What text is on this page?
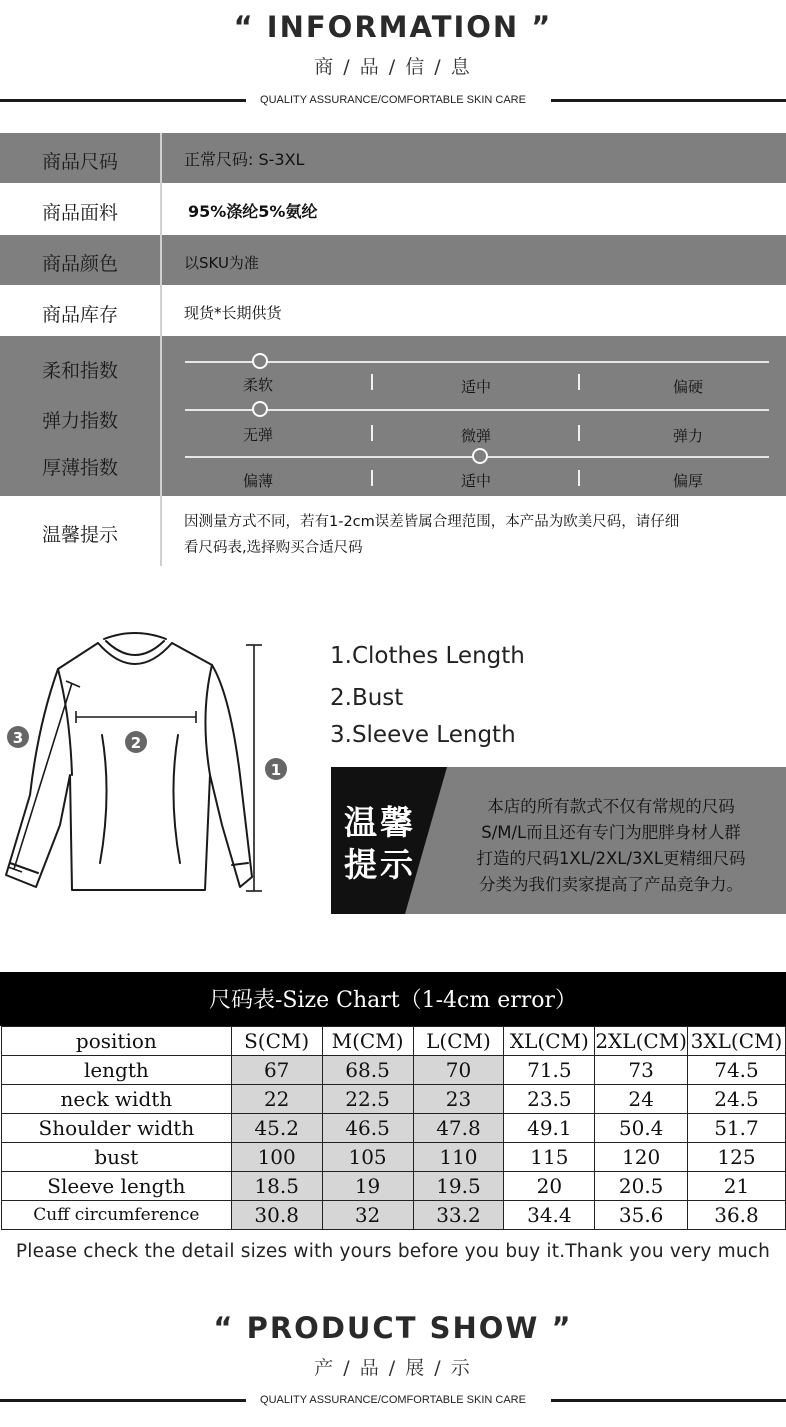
“ INFORMATION ”
商 / 品 / 信 / 息
QUALITY ASSURANCE/COMFORTABLE SKIN CARE
商品尺码	正常尺码: S-3XL
商品面料	95%涤纶5%氨纶
商品颜色	以SKU为准
商品库存	现货*长期供货
柔和指数
弹力指数
厚薄指数
柔软	适中	偏硬
无弹	微弹	弹力
偏薄	适中	偏厚
温馨提示
因测量方式不同，若有1-2cm误差皆属合理范围，本产品为欧美尺码，请仔细
看尺码表,选择购买合适尺码
1
2
3
1.Clothes Length
2.Bust
3.Sleeve Length
温馨
提示
本店的所有款式不仅有常规的尺码
S/M/L而且还有专门为肥胖身材人群
打造的尺码1XL/2XL/3XL更精细尺码
分类为我们卖家提高了产品竞争力。
尺码表-Size Chart（1-4cm error）
position	S(CM)	M(CM)	L(CM)	XL(CM)	2XL(CM)	3XL(CM)
length	67	68.5	70	71.5	73	74.5
neck width	22	22.5	23	23.5	24	24.5
Shoulder width	45.2	46.5	47.8	49.1	50.4	51.7
bust	100	105	110	115	120	125
Sleeve length	18.5	19	19.5	20	20.5	21
Cuff circumference	30.8	32	33.2	34.4	35.6	36.8
Please check the detail sizes with yours before you buy it.Thank you very much
“ PRODUCT SHOW ”
产 / 品 / 展 / 示
QUALITY ASSURANCE/COMFORTABLE SKIN CARE
